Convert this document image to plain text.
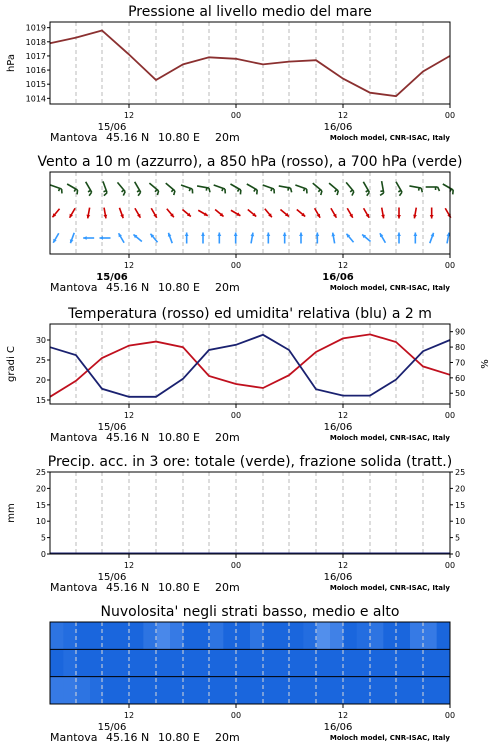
Pressione al livello medio del mare
1014
1015
1016
1017
1018
1019
hPa
12	00	12	00
15/06	16/06
Mantova 45.16 N 10.80 E 20m	Moloch model, CNR-ISAC, Italy
Vento a 10 m (azzurro), a 850 hPa (rosso), a 700 hPa (verde)
12	00	12	00
15/06	16/06
Mantova 45.16 N 10.80 E 20m	Moloch model, CNR-ISAC, Italy
Temperatura (rosso) ed umidita' relativa (blu) a 2 m
15
20
25
30
50
60
70
80
90
gradi C	%
12	00	12	00
15/06	16/06
Mantova 45.16 N 10.80 E 20m	Moloch model, CNR-ISAC, Italy
Precip. acc. in 3 ore: totale (verde), frazione solida (tratt.)
0	0
5	5
10	10
15	15
20	20
25	25
mm
12	00	12	00
15/06	16/06
Mantova 45.16 N 10.80 E 20m	Moloch model, CNR-ISAC, Italy
Nuvolosita' negli strati basso, medio e alto
12	00	12	00
15/06	16/06
Mantova 45.16 N 10.80 E 20m	Moloch model, CNR-ISAC, Italy
